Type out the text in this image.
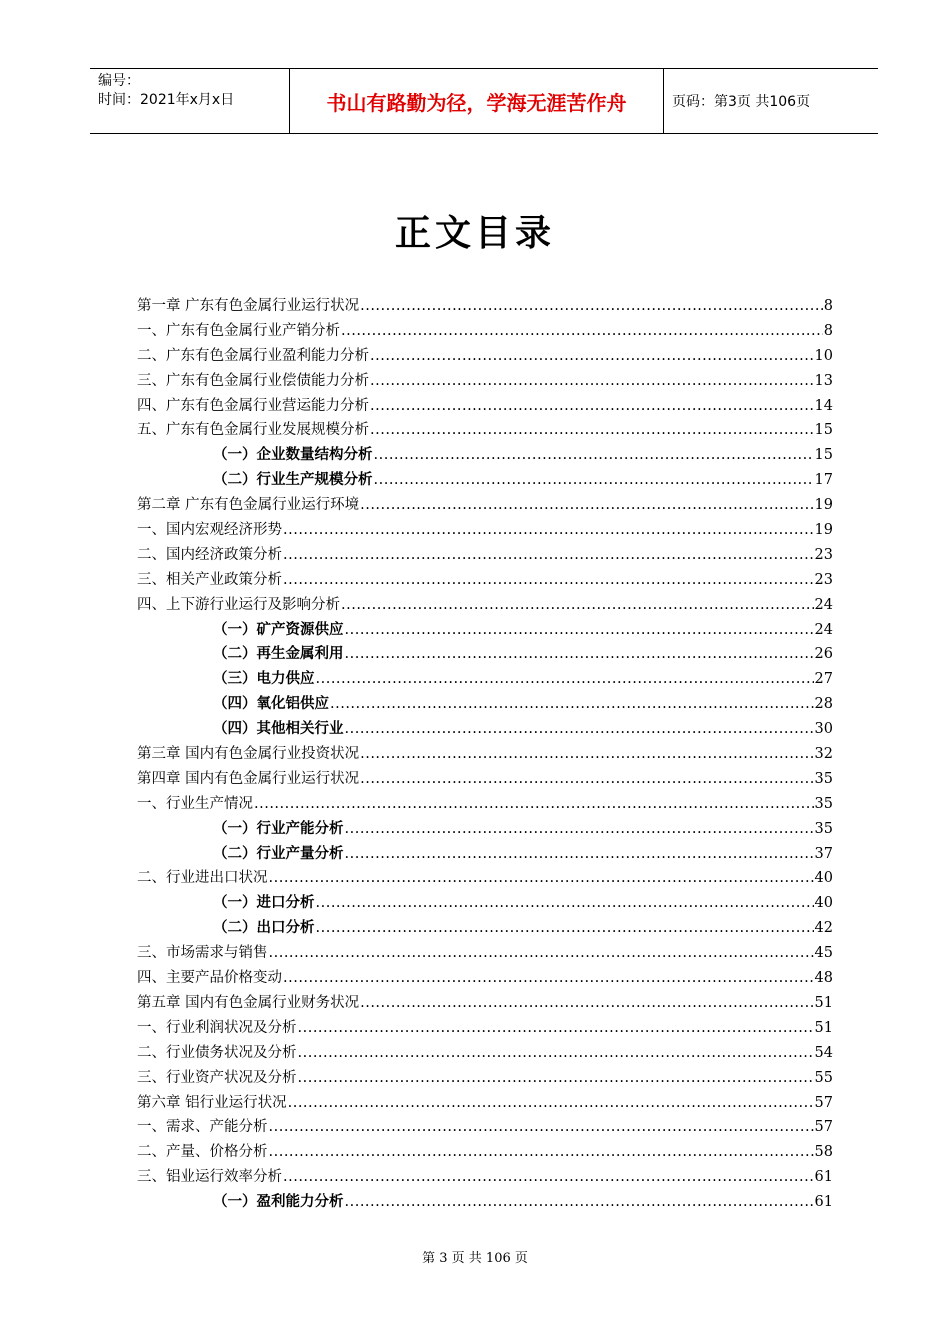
编号：
时间：2021年x月x日	书山有路勤为径，学海无涯苦作舟	页码：第3页 共106页
正文目录
第一章 广东有色金属行业运行状况 .....	8
一、广东有色金属行业产销分析 .....	8
二、广东有色金属行业盈利能力分析 .....	10
三、广东有色金属行业偿债能力分析 .....	13
四、广东有色金属行业营运能力分析 .....	14
五、广东有色金属行业发展规模分析 .....	15
（一）企业数量结构分析 .....	15
（二）行业生产规模分析 .....	17
第二章 广东有色金属行业运行环境 .....	19
一、国内宏观经济形势 .....	19
二、国内经济政策分析 .....	23
三、相关产业政策分析 .....	23
四、上下游行业运行及影响分析 .....	24
（一）矿产资源供应 .....	24
（二）再生金属利用 .....	26
（三）电力供应 .....	27
（四）氧化铝供应 .....	28
（四）其他相关行业 .....	30
第三章 国内有色金属行业投资状况 .....	32
第四章 国内有色金属行业运行状况 .....	35
一、行业生产情况 .....	35
（一）行业产能分析 .....	35
（二）行业产量分析 .....	37
二、行业进出口状况 .....	40
（一）进口分析 .....	40
（二）出口分析 .....	42
三、市场需求与销售 .....	45
四、主要产品价格变动 .....	48
第五章 国内有色金属行业财务状况 .....	51
一、行业利润状况及分析 .....	51
二、行业债务状况及分析 .....	54
三、行业资产状况及分析 .....	55
第六章 铝行业运行状况 .....	57
一、需求、产能分析 .....	57
二、产量、价格分析 .....	58
三、铝业运行效率分析 .....	61
（一）盈利能力分析 .....	61
第 3 页 共 106 页
